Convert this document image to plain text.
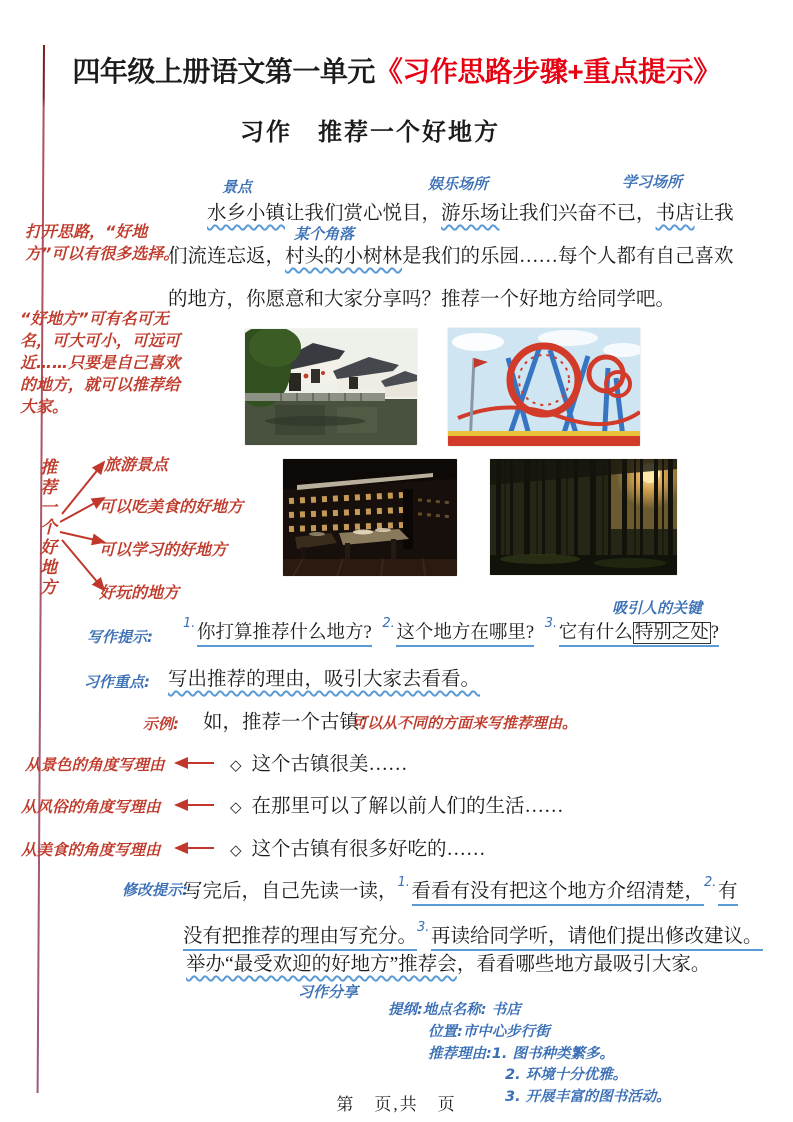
四年级上册语文第一单元《习作思路步骤+重点提示》
习作　推荐一个好地方
景点	娱乐场所	学习场所
某个角落
水乡小镇让我们赏心悦目，游乐场让我们兴奋不已，书店让我
们流连忘返，村头的小树林是我们的乐园……每个人都有自己喜欢
的地方，你愿意和大家分享吗？推荐一个好地方给同学吧。
打开思路，“好地方”可以有很多选择。
“好地方”可有名可无名，可大可小，可远可近……只要是自己喜欢的地方，就可以推荐给大家。
推荐一个好地方	旅游景点
可以吃美食的好地方
可以学习的好地方
好玩的地方
写作提示:
吸引人的关键
1.你打算推荐什么地方? 2.这个地方在哪里? 3.它有什么 特别之处 ?
习作重点: 写出推荐的理由，吸引大家去看看。
示例: 如，推荐一个古镇：
可以从不同的方面来写推荐理由。
从景色的角度写理由	◇ 这个古镇很美……
从风俗的角度写理由	◇ 在那里可以了解以前人们的生活……
从美食的角度写理由	◇ 这个古镇有很多好吃的……
修改提示:
写完后，自己先读一读，1.看看有没有把这个地方介绍清楚，2.有
没有把推荐的理由写充分。3.再读给同学听，请他们提出修改建议。
举办“最受欢迎的好地方”推荐会，看看哪些地方最吸引大家。
习作分享
提纲:地点名称: 书店
位置:市中心步行街
推荐理由:1. 图书种类繁多。
2. 环境十分优雅。
3. 开展丰富的图书活动。
第　页,共　页
